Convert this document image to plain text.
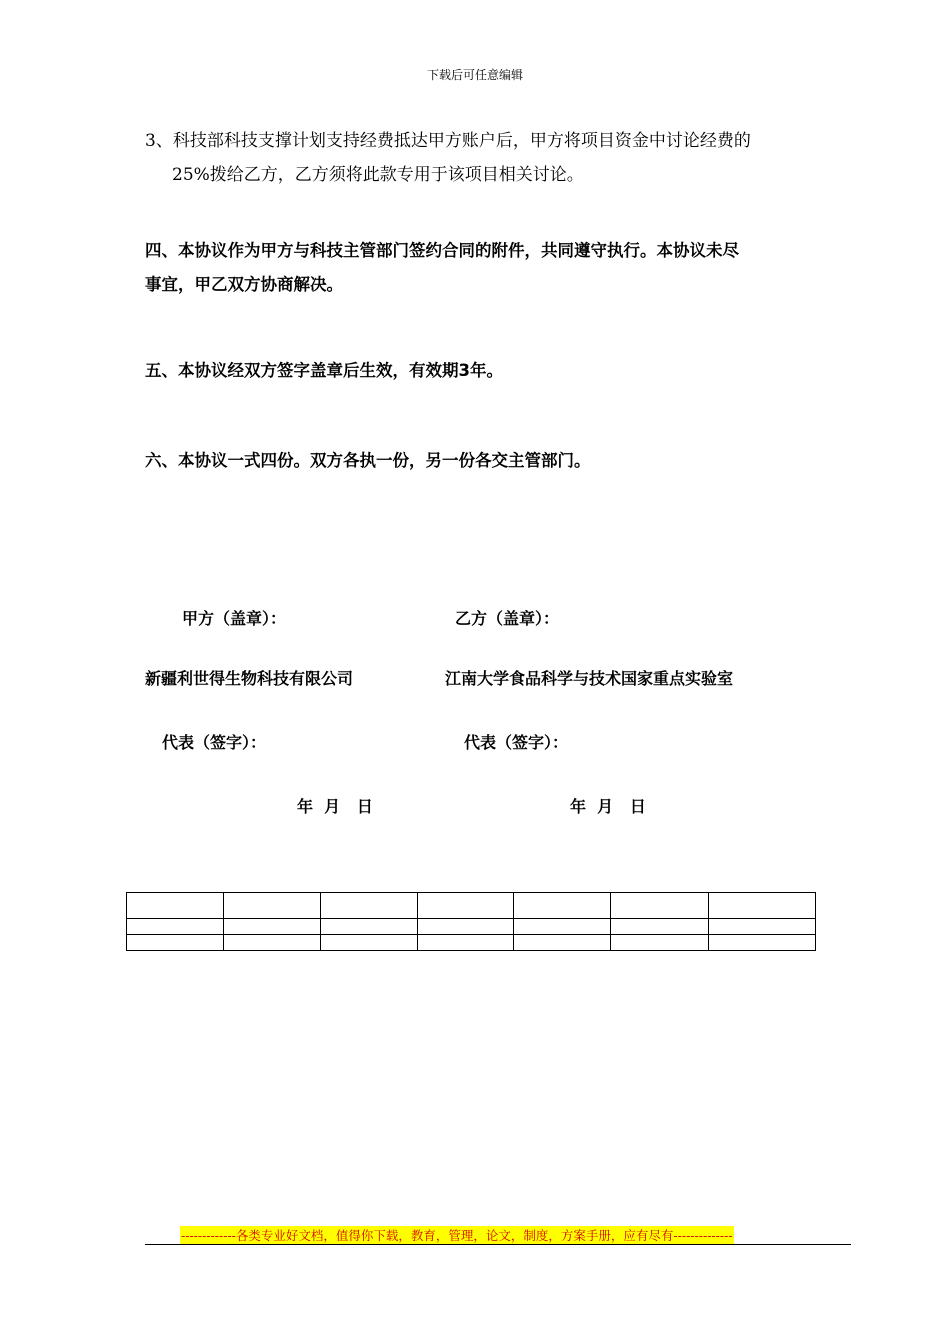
下载后可任意编辑
3、科技部科技支撑计划支持经费抵达甲方账户后，甲方将项目资金中讨论经费的
25%拨给乙方，乙方须将此款专用于该项目相关讨论。
四、本协议作为甲方与科技主管部门签约合同的附件，共同遵守执行。本协议未尽
事宜，甲乙双方协商解决。
五、本协议经双方签字盖章后生效，有效期3年。
六、本协议一式四份。双方各执一份，另一份各交主管部门。
甲方（盖章）：	乙方（盖章）：
新疆利世得生物科技有限公司	江南大学食品科学与技术国家重点实验室
代表（签字）：	代表（签字）：
年  月   日	年  月   日

-------------各类专业好文档，值得你下载，教育，管理，论文，制度，方案手册，应有尽有--------------
